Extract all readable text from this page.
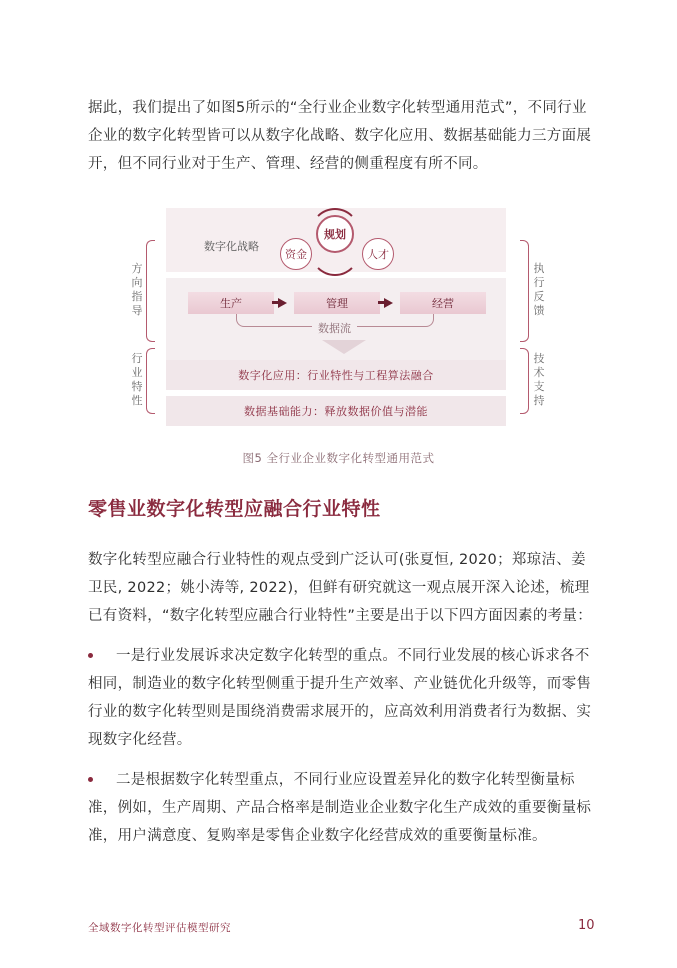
据此，我们提出了如图5所示的“全行业企业数字化转型通用范式”，不同行业企业的数字化转型皆可以从数字化战略、数字化应用、数据基础能力三方面展开，但不同行业对于生产、管理、经营的侧重程度有所不同。

方向指导
行业特性
执行反馈
技术支持
数字化战略
规划
资金	人才
生产	管理	经营
数据流
数字化应用：行业特性与工程算法融合
数据基础能力：释放数据价值与潜能
图5 全行业企业数字化转型通用范式
零售业数字化转型应融合行业特性

数字化转型应融合行业特性的观点受到广泛认可(张夏恒, 2020；郑琼洁、姜卫民, 2022；姚小涛等, 2022)，但鲜有研究就这一观点展开深入论述，梳理已有资料，“数字化转型应融合行业特性”主要是出于以下四方面因素的考量：

一是行业发展诉求决定数字化转型的重点。不同行业发展的核心诉求各不相同，制造业的数字化转型侧重于提升生产效率、产业链优化升级等，而零售行业的数字化转型则是围绕消费需求展开的，应高效利用消费者行为数据、实现数字化经营。

二是根据数字化转型重点，不同行业应设置差异化的数字化转型衡量标准，例如，生产周期、产品合格率是制造业企业数字化生产成效的重要衡量标准，用户满意度、复购率是零售企业数字化经营成效的重要衡量标准。

全域数字化转型评估模型研究	10
